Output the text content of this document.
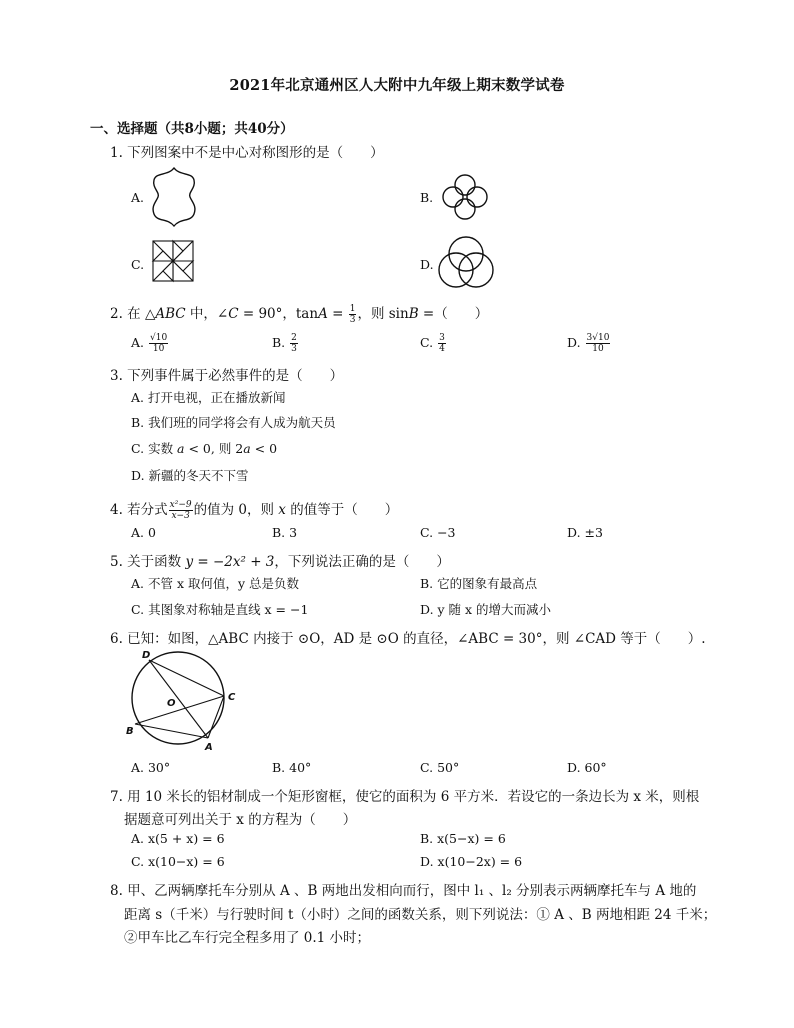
2021年北京通州区人大附中九年级上期末数学试卷
一、选择题（共8小题；共40分）
1. 下列图案中不是中心对称图形的是（　　）
A.	B.
C.	D.
2. 在 △ABC 中，∠C = 90°，$\tan A = \frac{1}{3}$ ，则 sinB =（　　）
A. $\frac{√10}{10}$	B. $\frac{2}{3}$	C. $\frac{3}{4}$	D. $\frac{3√10}{10}$
3. 下列事件属于必然事件的是（　　）
A. 打开电视，正在播放新闻
B. 我们班的同学将会有人成为航天员
C. 实数 a < 0, 则 2a < 0
D. 新疆的冬天不下雪
4. 若分式 $\frac{\text{x²−9}}{x-3}$ 的值为 0，则 x 的值等于（　　）
A. 0	B. 3	C. −3	D. ±3
5. 关于函数 y = −2x² + 3，下列说法正确的是（　　）
A. 不管 x 取何值，y 总是负数	B. 它的图象有最高点
C. 其图象对称轴是直线 x = −1	D. y 随 x 的增大而减小
6. 已知：如图，△ABC 内接于 ⊙O，AD 是 ⊙O 的直径，∠ABC = 30°，则 ∠CAD 等于（　　）.
D
C
O
B
A
A. 30°	B. 40°	C. 50°	D. 60°
7. 用 10 米长的铝材制成一个矩形窗框，使它的面积为 6 平方米．若设它的一条边长为 x 米，则根
据题意可列出关于 x 的方程为（　　）
A. x(5 + x) = 6	B. x(5−x) = 6
C. x(10−x) = 6	D. x(10−2x) = 6
8. 甲、乙两辆摩托车分别从 A 、B 两地出发相向而行，图中 l₁ 、l₂ 分别表示两辆摩托车与 A 地的
距离 s（千米）与行驶时间 t（小时）之间的函数关系，则下列说法：① A 、B 两地相距 24 千米；
②甲车比乙车行完全程多用了 0.1 小时；
